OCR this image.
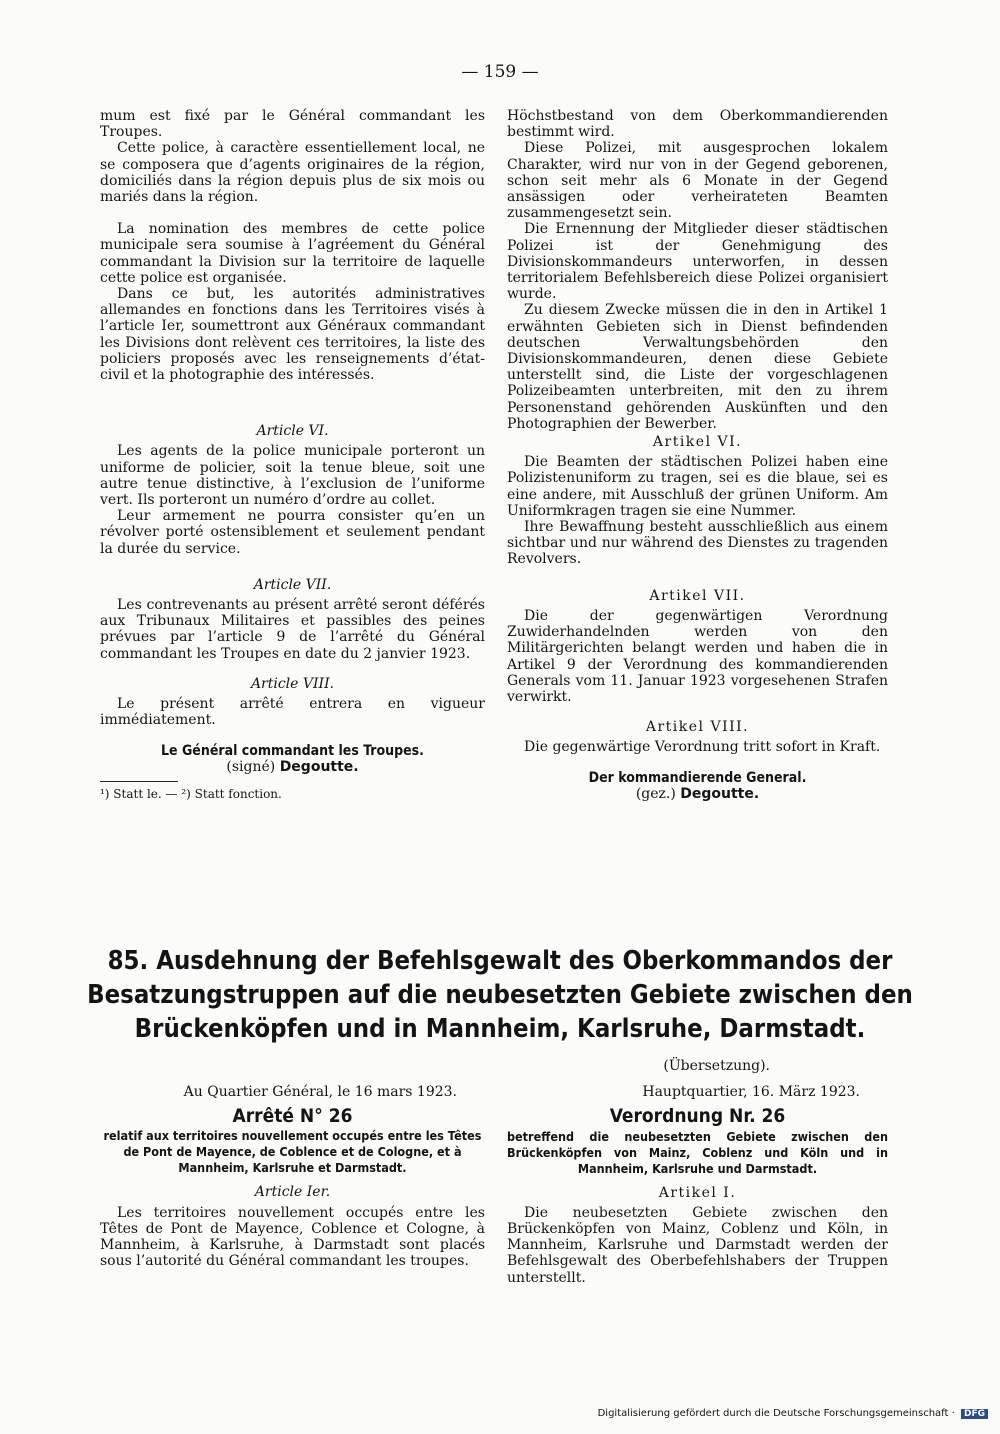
— 159 —

mum est fixé par le Général commandant les Troupes.

Cette police, à caractère essentiellement local, ne se composera que d’agents originaires de la région, domiciliés dans la région depuis plus de six mois ou mariés dans la région.

La nomination des membres de cette police municipale sera soumise à l’agréement du Général commandant la Division sur la territoire de laquelle cette police est organisée.

Dans ce but, les autorités administratives allemandes en fonctions dans les Territoires visés à l’article Ier, soumettront aux Généraux commandant les Divisions dont relèvent ces territoires, la liste des policiers proposés avec les renseignements d’état-civil et la photographie des intéressés.

Article VI.

Les agents de la police municipale porteront un uniforme de policier, soit la tenue bleue, soit une autre tenue distinctive, à l’exclusion de l’uniforme vert. Ils porteront un numéro d’ordre au collet.

Leur armement ne pourra consister qu’en un révolver porté ostensiblement et seulement pendant la durée du service.

Article VII.

Les contrevenants au présent arrêté seront déférés aux Tribunaux Militaires et passibles des peines prévues par l’article 9 de l’arrêté du Général commandant les Troupes en date du 2 janvier 1923.

Article VIII.

Le présent arrêté entrera en vigueur immédiatement.

Le Général commandant les Troupes.
(signé) Degoutte.
¹) Statt le. — ²) Statt fonction.

Höchstbestand von dem Oberkommandierenden bestimmt wird.

Diese Polizei, mit ausgesprochen lokalem Charakter, wird nur von in der Gegend geborenen, schon seit mehr als 6 Monate in der Gegend ansässigen oder verheirateten Beamten zusammengesetzt sein.

Die Ernennung der Mitglieder dieser städtischen Polizei ist der Genehmigung des Divisionskommandeurs unterworfen, in dessen territorialem Befehlsbereich diese Polizei organisiert wurde.

Zu diesem Zwecke müssen die in den in Artikel 1 erwähnten Gebieten sich in Dienst befindenden deutschen Verwaltungsbehörden den Divisionskommandeuren, denen diese Gebiete unterstellt sind, die Liste der vorgeschlagenen Polizeibeamten unterbreiten, mit den zu ihrem Personenstand gehörenden Auskünften und den Photographien der Bewerber.

Artikel VI.

Die Beamten der städtischen Polizei haben eine Polizistenuniform zu tragen, sei es die blaue, sei es eine andere, mit Ausschluß der grünen Uniform. Am Uniformkragen tragen sie eine Nummer.

Ihre Bewaffnung besteht ausschließlich aus einem sichtbar und nur während des Dienstes zu tragenden Revolvers.

Artikel VII.

Die der gegenwärtigen Verordnung Zuwiderhandelnden werden von den Militärgerichten belangt werden und haben die in Artikel 9 der Verordnung des kommandierenden Generals vom 11. Januar 1923 vorgesehenen Strafen verwirkt.

Artikel VIII.

Die gegenwärtige Verordnung tritt sofort in Kraft.

Der kommandierende General.
(gez.) Degoutte.
85. Ausdehnung der Befehlsgewalt des Oberkommandos der Besatzungstruppen auf die neubesetzten Gebiete zwischen den Brückenköpfen und in Mannheim, Karlsruhe, Darmstadt.
Au Quartier Général, le 16 mars 1923.
Arrêté N° 26
relatif aux territoires nouvellement occupés entre les Têtes de Pont de Mayence, de Coblence et de Cologne, et à Mannheim, Karlsruhe et Darmstadt.
Article Ier.

Les territoires nouvellement occupés entre les Têtes de Pont de Mayence, Coblence et Cologne, à Mannheim, à Karlsruhe, à Darmstadt sont placés sous l’autorité du Général commandant les troupes.

(Übersetzung).
Hauptquartier, 16. März 1923.
Verordnung Nr. 26
betreffend die neubesetzten Gebiete zwischen den Brückenköpfen von Mainz, Coblenz und Köln und in Mannheim, Karlsruhe und Darmstadt.
Artikel I.

Die neubesetzten Gebiete zwischen den Brückenköpfen von Mainz, Coblenz und Köln, in Mannheim, Karlsruhe und Darmstadt werden der Befehlsgewalt des Oberbefehlshabers der Truppen unterstellt.

Digitalisierung gefördert durch die Deutsche Forschungsgemeinschaft · DFG
